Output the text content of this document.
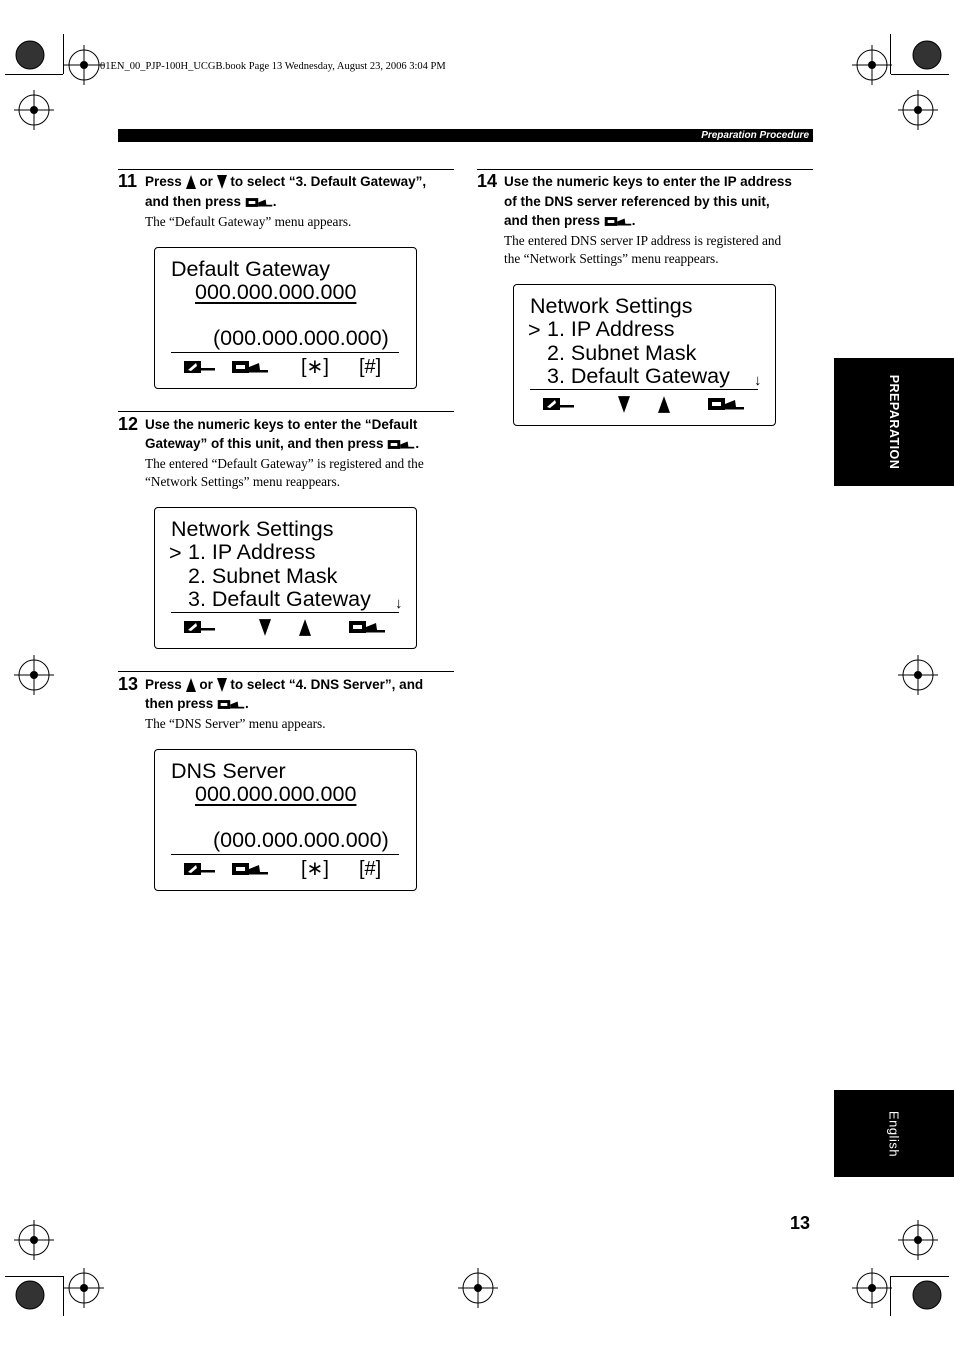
01EN_00_PJP-100H_UCGB.book Page 13 Wednesday, August 23, 2006 3:04 PM
Preparation Procedure
PREPARATION
English
11 Press or to select “3. Default Gateway”,
and then press .
The “Default Gateway” menu appears.
Default Gateway
000.000.000.000
(000.000.000.000)
[∗] [#]
12 Use the numeric keys to enter the “Default
Gateway” of this unit, and then press .
The entered “Default Gateway” is registered and the
“Network Settings” menu reappears.
Network Settings
> 1. IP Address
2. Subnet Mask
3. Default Gateway ↓
13 Press or to select “4. DNS Server”, and
then press .
The “DNS Server” menu appears.
DNS Server
000.000.000.000
(000.000.000.000)
[∗] [#]
14 Use the numeric keys to enter the IP address
of the DNS server referenced by this unit,
and then press .
The entered DNS server IP address is registered and
the “Network Settings” menu reappears.
Network Settings
> 1. IP Address
2. Subnet Mask
3. Default Gateway ↓
13
